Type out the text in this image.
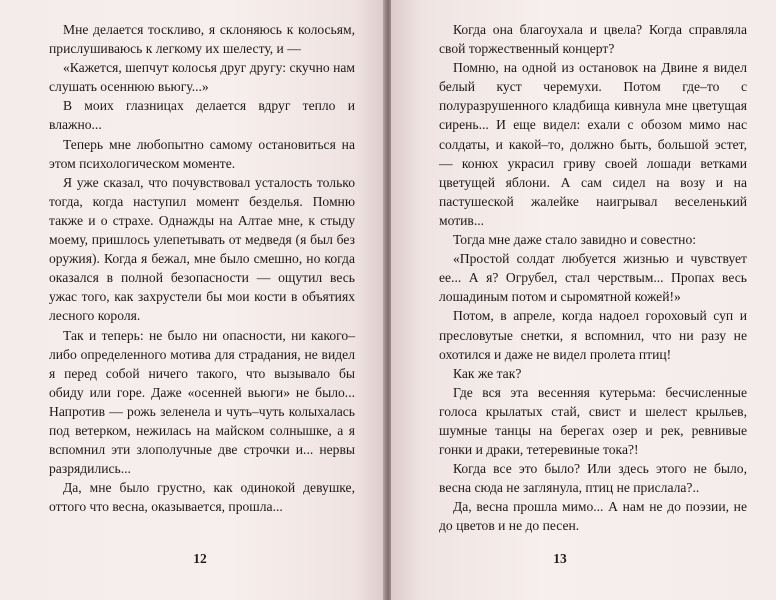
Мне делается тоскливо, я склоняюсь к колосьям, прислушиваюсь к легкому их шелесту, и —

«Кажется, шепчут колосья друг другу: скучно нам слушать осеннюю вьюгу...»

В моих глазницах делается вдруг тепло и влажно...

Теперь мне любопытно самому остановиться на этом психологическом моменте.

Я уже сказал, что почувствовал усталость только тогда, когда наступил момент безделья. Помню также и о страхе. Однажды на Алтае мне, к стыду моему, пришлось улепетывать от медведя (я был без оружия). Когда я бежал, мне было смешно, но когда оказался в полной безопасности — ощутил весь ужас того, как захрустели бы мои кости в объятиях лесного короля.

Так и теперь: не было ни опасности, ни какого–либо определенного мотива для страдания, не видел я перед собой ничего такого, что вызывало бы обиду или горе. Даже «осенней вьюги» не было... Напротив — рожь зеленела и чуть–чуть колыхалась под ветерком, нежилась на майском солнышке, а я вспомнил эти злополучные две строчки и... нервы разрядились...

Да, мне было грустно, как одинокой девушке, оттого что весна, оказывается, прошла...

12

Когда она благоухала и цвела? Когда справляла свой торжественный концерт?

Помню, на одной из остановок на Двине я видел белый куст черемухи. Потом где–то с полуразрушенного кладбища кивнула мне цветущая сирень... И еще видел: ехали с обозом мимо нас солдаты, и какой–то, должно быть, большой эстет, — конюх украсил гриву своей лошади ветками цветущей яблони. А сам сидел на возу и на пастушеской жалейке наигрывал веселенький мотив...

Тогда мне даже стало завидно и совестно:

«Простой солдат любуется жизнью и чувствует ее... А я? Огрубел, стал черствым... Пропах весь лошадиным потом и сыромятной кожей!»

Потом, в апреле, когда надоел гороховый суп и пресловутые снетки, я вспомнил, что ни разу не охотился и даже не видел пролета птиц!

Как же так?

Где вся эта весенняя кутерьма: бесчисленные голоса крылатых стай, свист и шелест крыльев, шумные танцы на берегах озер и рек, ревнивые гонки и драки, тетеревиные тока?!

Когда все это было? Или здесь этого не было, весна сюда не заглянула, птиц не прислала?..

Да, весна прошла мимо... А нам не до поэзии, не до цветов и не до песен.

13
